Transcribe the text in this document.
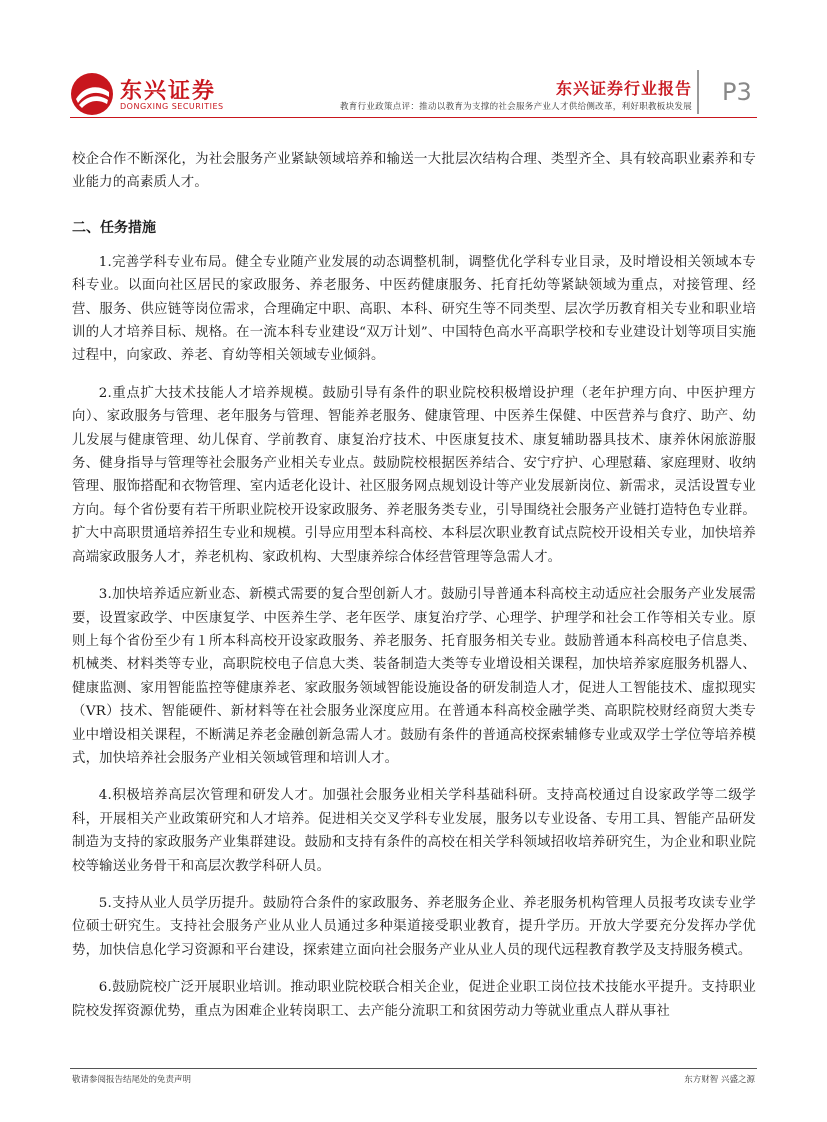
东兴证券
DONGXING SECURITIES
东兴证券行业报告
教育行业政策点评：推动以教育为支撑的社会服务产业人才供给侧改革，利好职教板块发展
P3

校企合作不断深化，为社会服务产业紧缺领域培养和输送一大批层次结构合理、类型齐全、具有较高职业素养和专业能力的高素质人才。

二、任务措施

1.完善学科专业布局。健全专业随产业发展的动态调整机制，调整优化学科专业目录，及时增设相关领域本专科专业。以面向社区居民的家政服务、养老服务、中医药健康服务、托育托幼等紧缺领域为重点，对接管理、经营、服务、供应链等岗位需求，合理确定中职、高职、本科、研究生等不同类型、层次学历教育相关专业和职业培训的人才培养目标、规格。在一流本科专业建设“双万计划”、中国特色高水平高职学校和专业建设计划等项目实施过程中，向家政、养老、育幼等相关领域专业倾斜。

2.重点扩大技术技能人才培养规模。鼓励引导有条件的职业院校积极增设护理（老年护理方向、中医护理方向）、家政服务与管理、老年服务与管理、智能养老服务、健康管理、中医养生保健、中医营养与食疗、助产、幼儿发展与健康管理、幼儿保育、学前教育、康复治疗技术、中医康复技术、康复辅助器具技术、康养休闲旅游服务、健身指导与管理等社会服务产业相关专业点。鼓励院校根据医养结合、安宁疗护、心理慰藉、家庭理财、收纳管理、服饰搭配和衣物管理、室内适老化设计、社区服务网点规划设计等产业发展新岗位、新需求，灵活设置专业方向。每个省份要有若干所职业院校开设家政服务、养老服务类专业，引导围绕社会服务产业链打造特色专业群。扩大中高职贯通培养招生专业和规模。引导应用型本科高校、本科层次职业教育试点院校开设相关专业，加快培养高端家政服务人才，养老机构、家政机构、大型康养综合体经营管理等急需人才。

3.加快培养适应新业态、新模式需要的复合型创新人才。鼓励引导普通本科高校主动适应社会服务产业发展需要，设置家政学、中医康复学、中医养生学、老年医学、康复治疗学、心理学、护理学和社会工作等相关专业。原则上每个省份至少有１所本科高校开设家政服务、养老服务、托育服务相关专业。鼓励普通本科高校电子信息类、机械类、材料类等专业，高职院校电子信息大类、装备制造大类等专业增设相关课程，加快培养家庭服务机器人、健康监测、家用智能监控等健康养老、家政服务领域智能设施设备的研发制造人才，促进人工智能技术、虚拟现实（VR）技术、智能硬件、新材料等在社会服务业深度应用。在普通本科高校金融学类、高职院校财经商贸大类专业中增设相关课程，不断满足养老金融创新急需人才。鼓励有条件的普通高校探索辅修专业或双学士学位等培养模式，加快培养社会服务产业相关领域管理和培训人才。

4.积极培养高层次管理和研发人才。加强社会服务业相关学科基础科研。支持高校通过自设家政学等二级学科，开展相关产业政策研究和人才培养。促进相关交叉学科专业发展，服务以专业设备、专用工具、智能产品研发制造为支持的家政服务产业集群建设。鼓励和支持有条件的高校在相关学科领域招收培养研究生，为企业和职业院校等输送业务骨干和高层次教学科研人员。

5.支持从业人员学历提升。鼓励符合条件的家政服务、养老服务企业、养老服务机构管理人员报考攻读专业学位硕士研究生。支持社会服务产业从业人员通过多种渠道接受职业教育，提升学历。开放大学要充分发挥办学优势，加快信息化学习资源和平台建设，探索建立面向社会服务产业从业人员的现代远程教育教学及支持服务模式。

6.鼓励院校广泛开展职业培训。推动职业院校联合相关企业，促进企业职工岗位技术技能水平提升。支持职业院校发挥资源优势，重点为困难企业转岗职工、去产能分流职工和贫困劳动力等就业重点人群从事社

敬请参阅报告结尾处的免责声明	东方财智 兴盛之源
